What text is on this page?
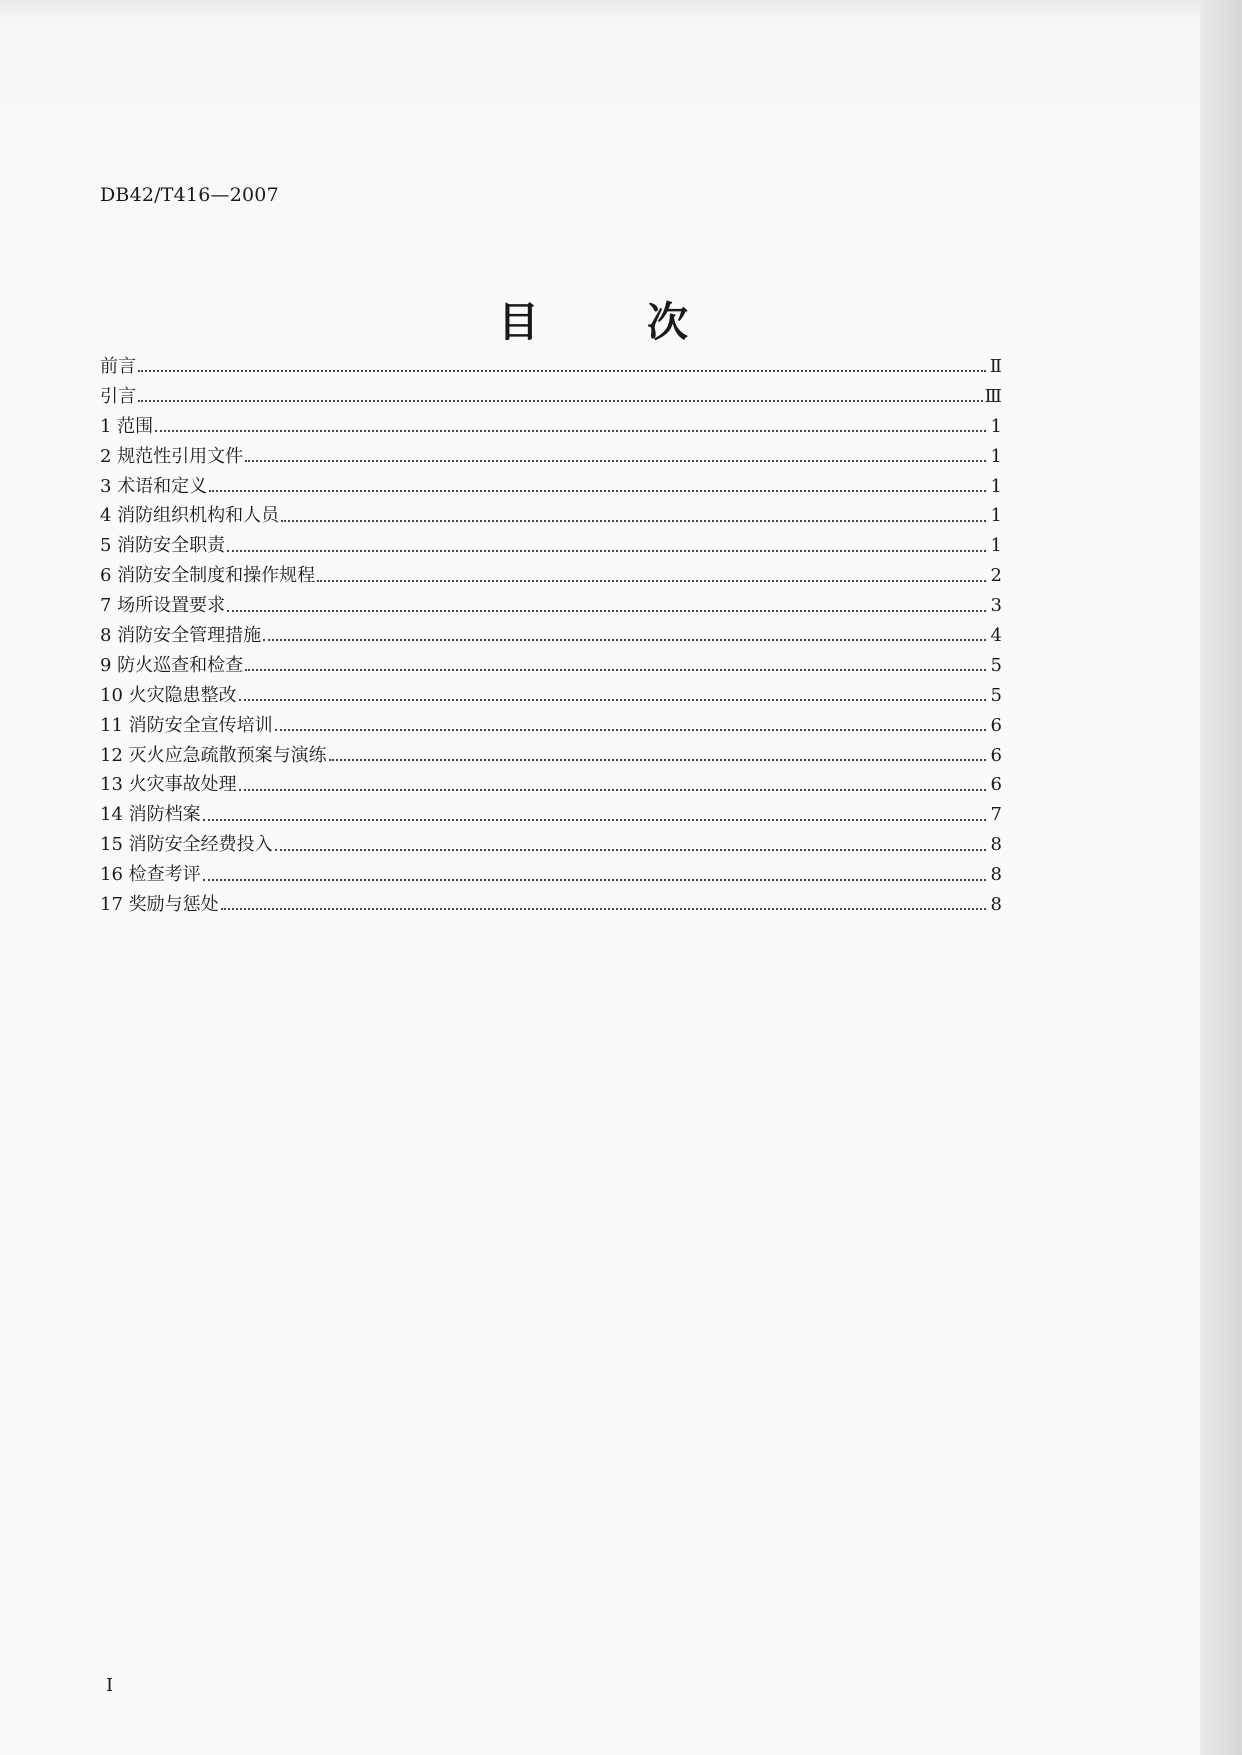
DB42/T416—2007
目	次
前言	Ⅱ
引言	Ⅲ
1 范围	1
2 规范性引用文件	1
3 术语和定义	1
4 消防组织机构和人员	1
5 消防安全职责	1
6 消防安全制度和操作规程	2
7 场所设置要求	3
8 消防安全管理措施	4
9 防火巡查和检查	5
10 火灾隐患整改	5
11 消防安全宣传培训	6
12 灭火应急疏散预案与演练	6
13 火灾事故处理	6
14 消防档案	7
15 消防安全经费投入	8
16 检查考评	8
17 奖励与惩处	8
I
